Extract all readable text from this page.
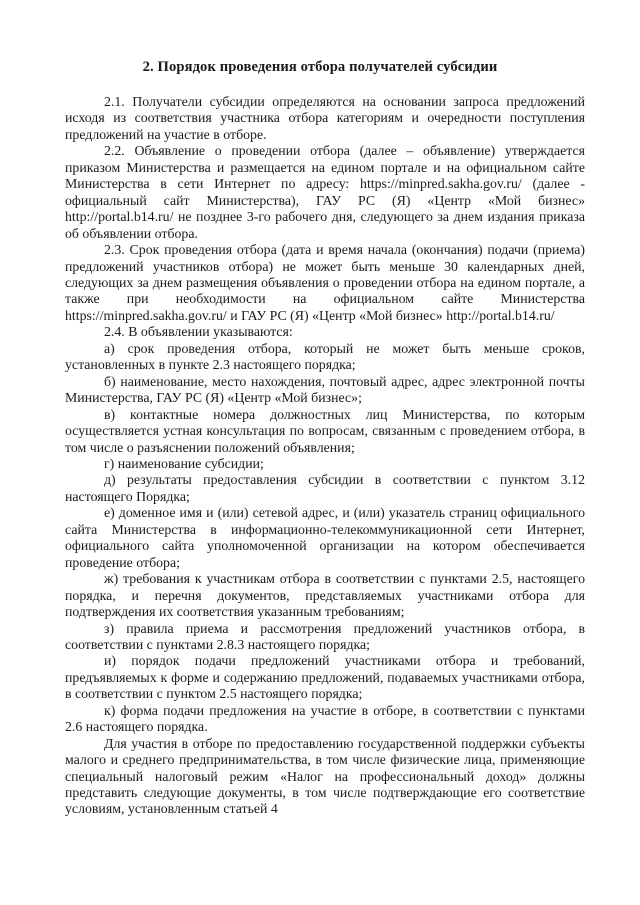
2. Порядок проведения отбора получателей субсидии

2.1. Получатели субсидии определяются на основании запроса предложений исходя из соответствия участника отбора категориям и очередности поступления предложений на участие в отборе.

2.2. Объявление о проведении отбора (далее – объявление) утверждается приказом Министерства и размещается на едином портале и на официальном сайте Министерства в сети Интернет по адресу: https://minpred.sakha.gov.ru/ (далее - официальный сайт Министерства), ГАУ РС (Я) «Центр «Мой бизнес» http://portal.b14.ru/ не позднее 3-го рабочего дня, следующего за днем издания приказа об объявлении отбора.

2.3. Срок проведения отбора (дата и время начала (окончания) подачи (приема) предложений участников отбора) не может быть меньше 30 календарных дней, следующих за днем размещения объявления о проведении отбора на едином портале, а также при необходимости на официальном сайте Министерства https://minpred.sakha.gov.ru/ и ГАУ РС (Я) «Центр «Мой бизнес» http://portal.b14.ru/

2.4. В объявлении указываются:

а) срок проведения отбора, который не может быть меньше сроков, установленных в пункте 2.3 настоящего порядка;

б) наименование, место нахождения, почтовый адрес, адрес электронной почты Министерства, ГАУ РС (Я) «Центр «Мой бизнес»;

в) контактные номера должностных лиц Министерства, по которым осуществляется устная консультация по вопросам, связанным с проведением отбора, в том числе о разъяснении положений объявления;

г) наименование субсидии;

д) результаты предоставления субсидии в соответствии с пунктом 3.12 настоящего Порядка;

е) доменное имя и (или) сетевой адрес, и (или) указатель страниц официального сайта Министерства в информационно-телекоммуникационной сети Интернет, официального сайта уполномоченной организации на котором обеспечивается проведение отбора;

ж) требования к участникам отбора в соответствии с пунктами 2.5, настоящего порядка, и перечня документов, представляемых участниками отбора для подтверждения их соответствия указанным требованиям;

з) правила приема и рассмотрения предложений участников отбора, в соответствии с пунктами 2.8.3 настоящего порядка;

и) порядок подачи предложений участниками отбора и требований, предъявляемых к форме и содержанию предложений, подаваемых участниками отбора, в соответствии с пунктом 2.5 настоящего порядка;

к) форма подачи предложения на участие в отборе, в соответствии с пунктами 2.6 настоящего порядка.

Для участия в отборе по предоставлению государственной поддержки субъекты малого и среднего предпринимательства, в том числе физические лица, применяющие специальный налоговый режим «Налог на профессиональный доход» должны представить следующие документы, в том числе подтверждающие его соответствие условиям, установленным статьей 4
